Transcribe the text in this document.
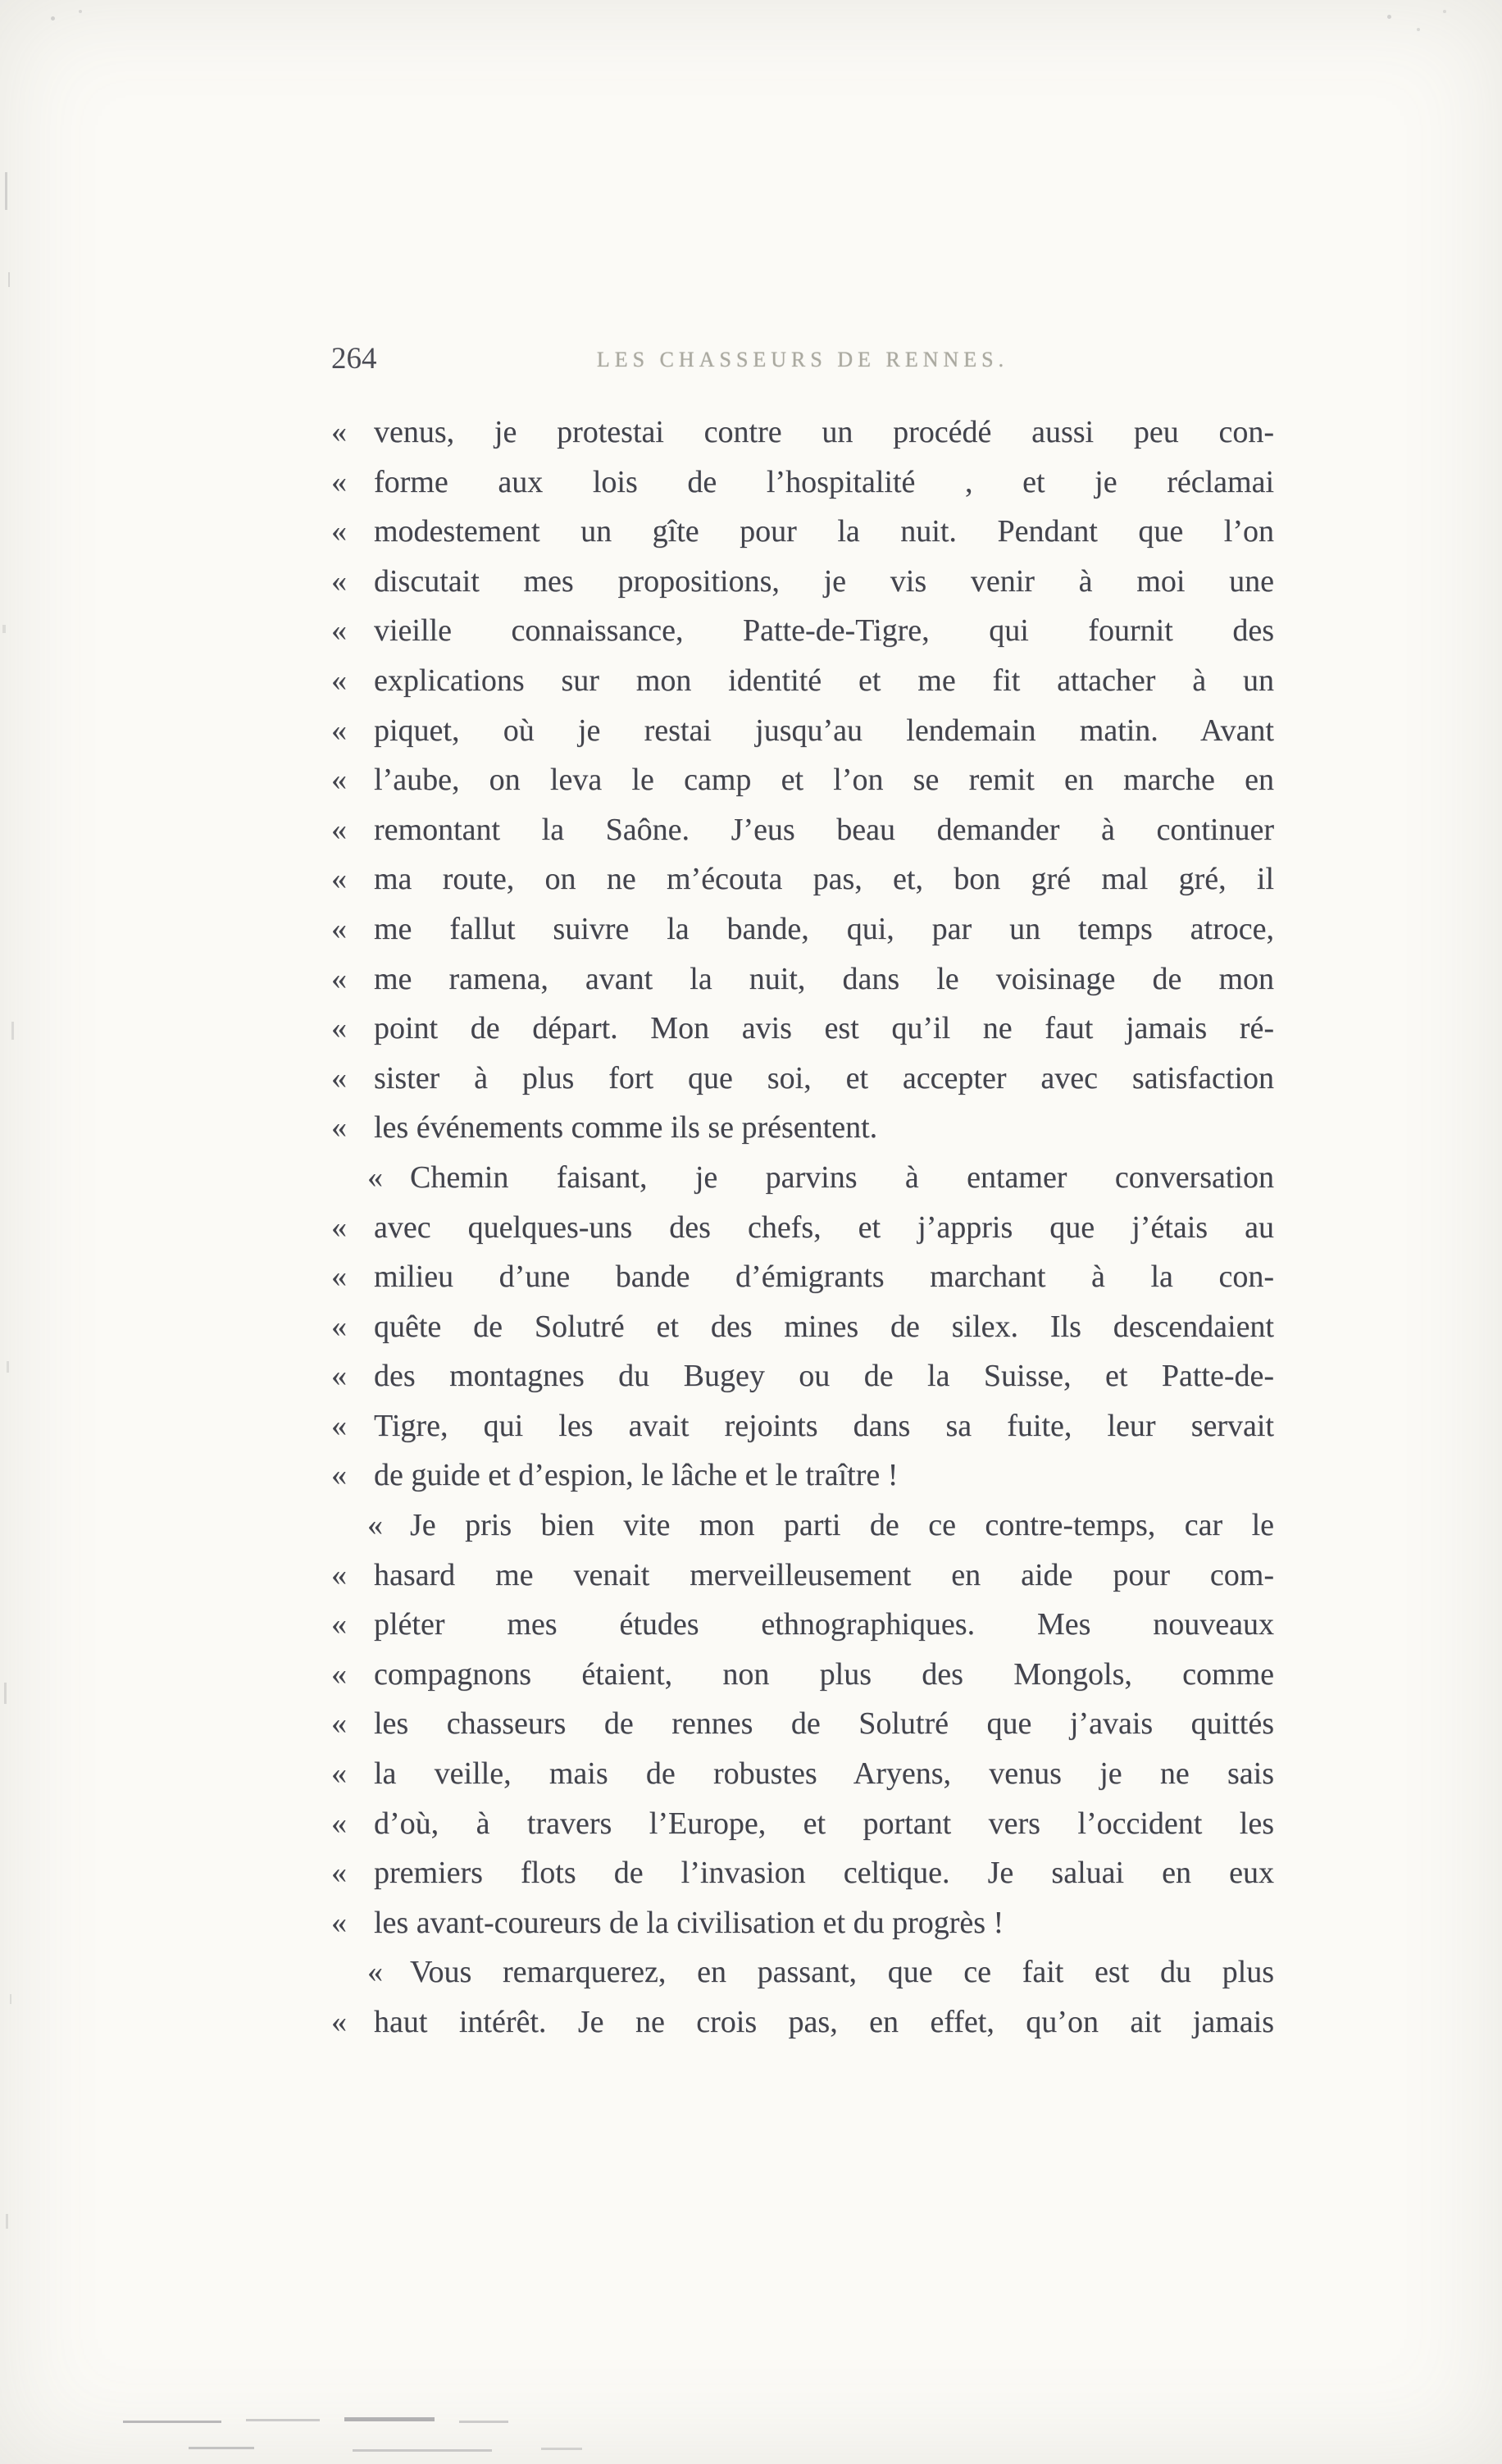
264	LES CHASSEURS DE RENNES.
« venus, je protestai contre un procédé aussi peu con-
« forme aux lois de l’hospitalité , et je réclamai
« modestement un gîte pour la nuit. Pendant que l’on
« discutait mes propositions, je vis venir à moi une
« vieille connaissance, Patte-de-Tigre, qui fournit des
« explications sur mon identité et me fit attacher à un
« piquet, où je restai jusqu’au lendemain matin. Avant
« l’aube, on leva le camp et l’on se remit en marche en
« remontant la Saône. J’eus beau demander à continuer
« ma route, on ne m’écouta pas, et, bon gré mal gré, il
« me fallut suivre la bande, qui, par un temps atroce,
« me ramena, avant la nuit, dans le voisinage de mon
« point de départ. Mon avis est qu’il ne faut jamais ré-
« sister à plus fort que soi, et accepter avec satisfaction
« les événements comme ils se présentent.
« Chemin faisant, je parvins à entamer conversation
« avec quelques-uns des chefs, et j’appris que j’étais au
« milieu d’une bande d’émigrants marchant à la con-
« quête de Solutré et des mines de silex. Ils descendaient
« des montagnes du Bugey ou de la Suisse, et Patte-de-
« Tigre, qui les avait rejoints dans sa fuite, leur servait
« de guide et d’espion, le lâche et le traître !
« Je pris bien vite mon parti de ce contre-temps, car le
« hasard me venait merveilleusement en aide pour com-
« pléter mes études ethnographiques. Mes nouveaux
« compagnons étaient, non plus des Mongols, comme
« les chasseurs de rennes de Solutré que j’avais quittés
« la veille, mais de robustes Aryens, venus je ne sais
« d’où, à travers l’Europe, et portant vers l’occident les
« premiers flots de l’invasion celtique. Je saluai en eux
« les avant-coureurs de la civilisation et du progrès !
« Vous remarquerez, en passant, que ce fait est du plus
« haut intérêt. Je ne crois pas, en effet, qu’on ait jamais
